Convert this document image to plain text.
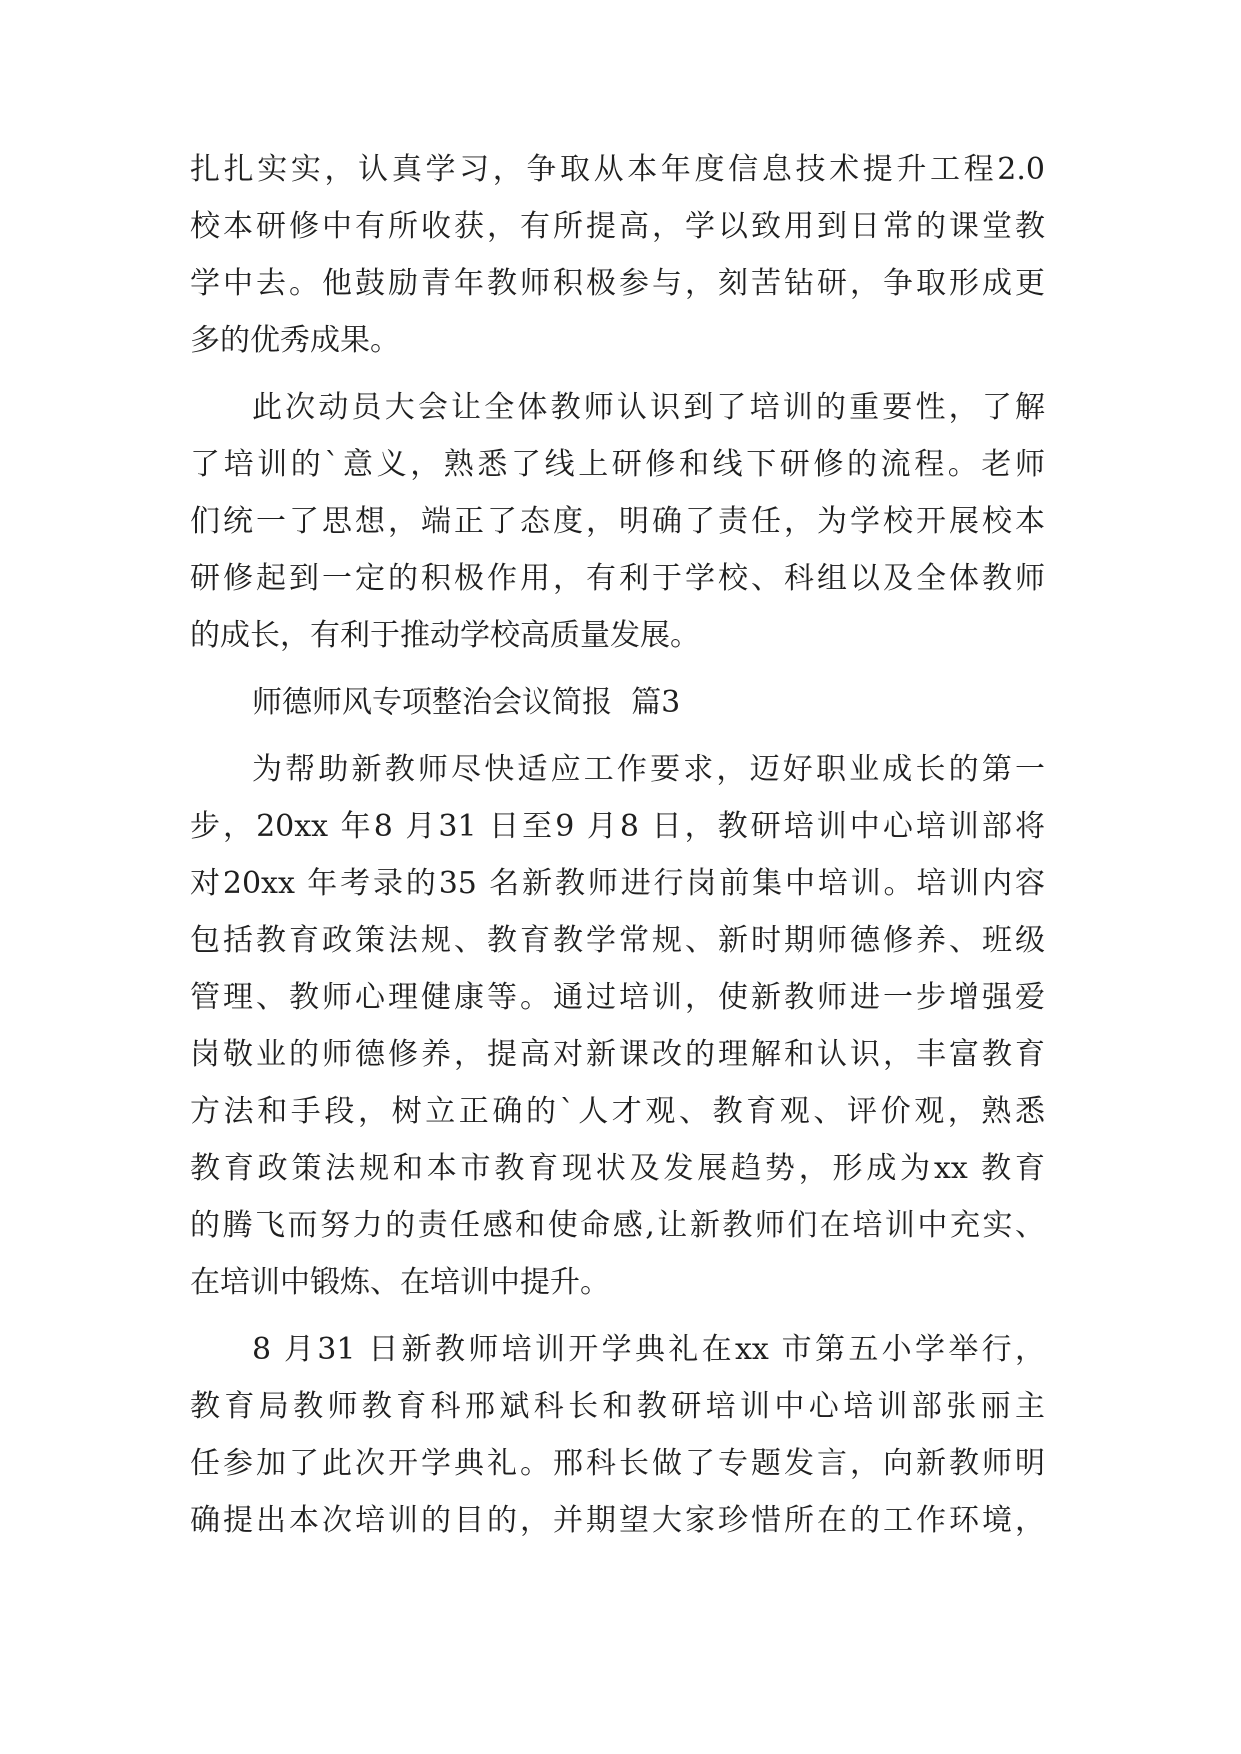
扎扎实实，认真学习，争取从本年度信息技术提升工程2.0
校本研修中有所收获，有所提高，学以致用到日常的课堂教
学中去。他鼓励青年教师积极参与，刻苦钻研，争取形成更
多的优秀成果。
此次动员大会让全体教师认识到了培训的重要性，了解
了培训的`意义，熟悉了线上研修和线下研修的流程。老师
们统一了思想，端正了态度，明确了责任，为学校开展校本
研修起到一定的积极作用，有利于学校、科组以及全体教师
的成长，有利于推动学校高质量发展。
师德师风专项整治会议简报  篇3
为帮助新教师尽快适应工作要求，迈好职业成长的第一
步，20xx 年8 月31 日至9 月8 日，教研培训中心培训部将
对20xx 年考录的35 名新教师进行岗前集中培训。培训内容
包括教育政策法规、教育教学常规、新时期师德修养、班级
管理、教师心理健康等。通过培训，使新教师进一步增强爱
岗敬业的师德修养，提高对新课改的理解和认识，丰富教育
方法和手段，树立正确的`人才观、教育观、评价观，熟悉
教育政策法规和本市教育现状及发展趋势，形成为xx 教育
的腾飞而努力的责任感和使命感,让新教师们在培训中充实、
在培训中锻炼、在培训中提升。
8 月31 日新教师培训开学典礼在xx 市第五小学举行，
教育局教师教育科邢斌科长和教研培训中心培训部张丽主
任参加了此次开学典礼。邢科长做了专题发言，向新教师明
确提出本次培训的目的，并期望大家珍惜所在的工作环境，
